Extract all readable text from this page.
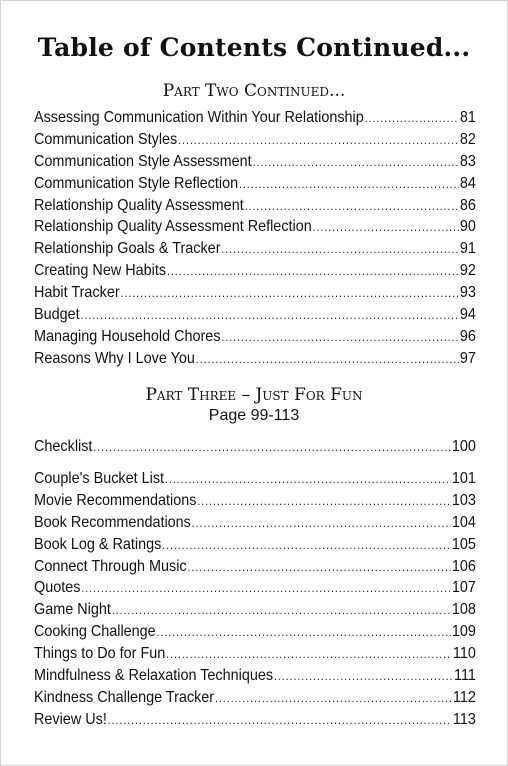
Table of Contents Continued...
Part Two Continued...
Assessing Communication Within Your Relationship .....	81
Communication Styles .....	82
Communication Style Assessment .....	83
Communication Style Reflection .....	84
Relationship Quality Assessment .....	86
Relationship Quality Assessment Reflection .....	90
Relationship Goals & Tracker .....	91
Creating New Habits .....	92
Habit Tracker .....	93
Budget .....	94
Managing Household Chores .....	96
Reasons Why I Love You .....	97
Part Three – Just For Fun
Page 99-113
Checklist .....	100
Couple's Bucket List .....	101
Movie Recommendations .....	103
Book Recommendations .....	104
Book Log & Ratings .....	105
Connect Through Music .....	106
Quotes .....	107
Game Night .....	108
Cooking Challenge .....	109
Things to Do for Fun .....	110
Mindfulness & Relaxation Techniques .....	111
Kindness Challenge Tracker .....	112
Review Us! .....	113
